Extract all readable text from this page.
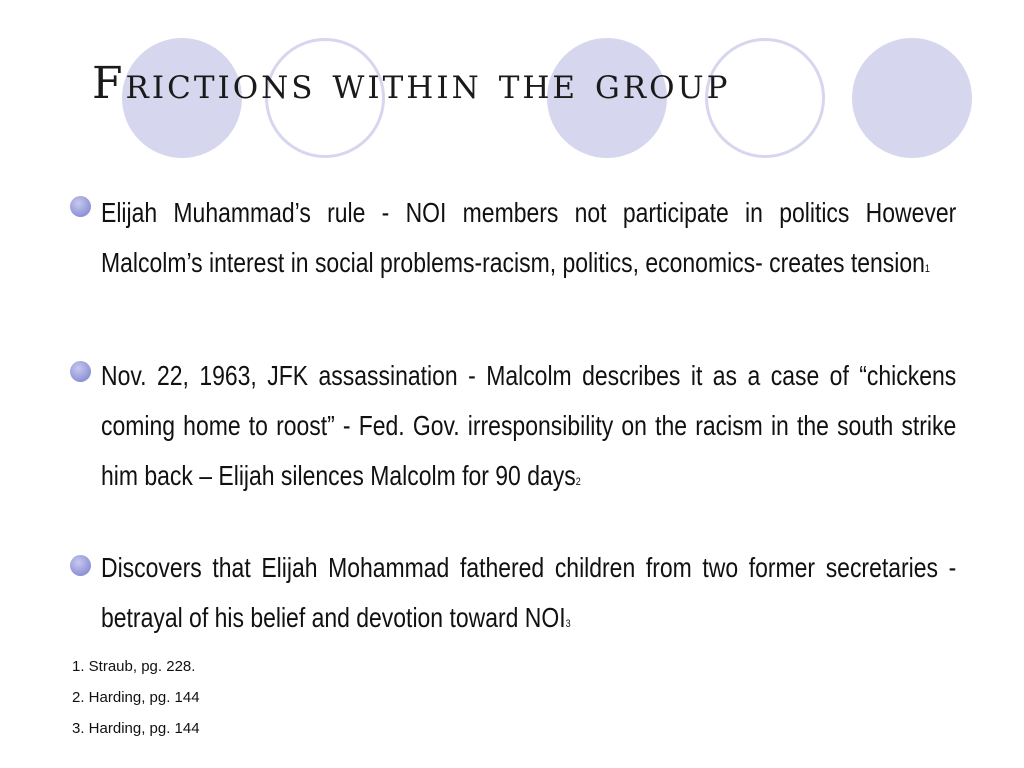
Frictions within the group

Elijah Muhammad’s rule - NOI members not participate in politics However Malcolm’s interest in social problems-racism, politics, economics- creates tension1

Nov. 22, 1963, JFK assassination - Malcolm describes it as a case of “chickens coming home to roost” - Fed. Gov. irresponsibility on the racism in the south strike him back – Elijah silences Malcolm for 90 days2

Discovers that Elijah Mohammad fathered children from two former secretaries - betrayal of his belief and devotion toward NOI3

1. Straub, pg. 228.

2. Harding, pg. 144

3. Harding, pg. 144
